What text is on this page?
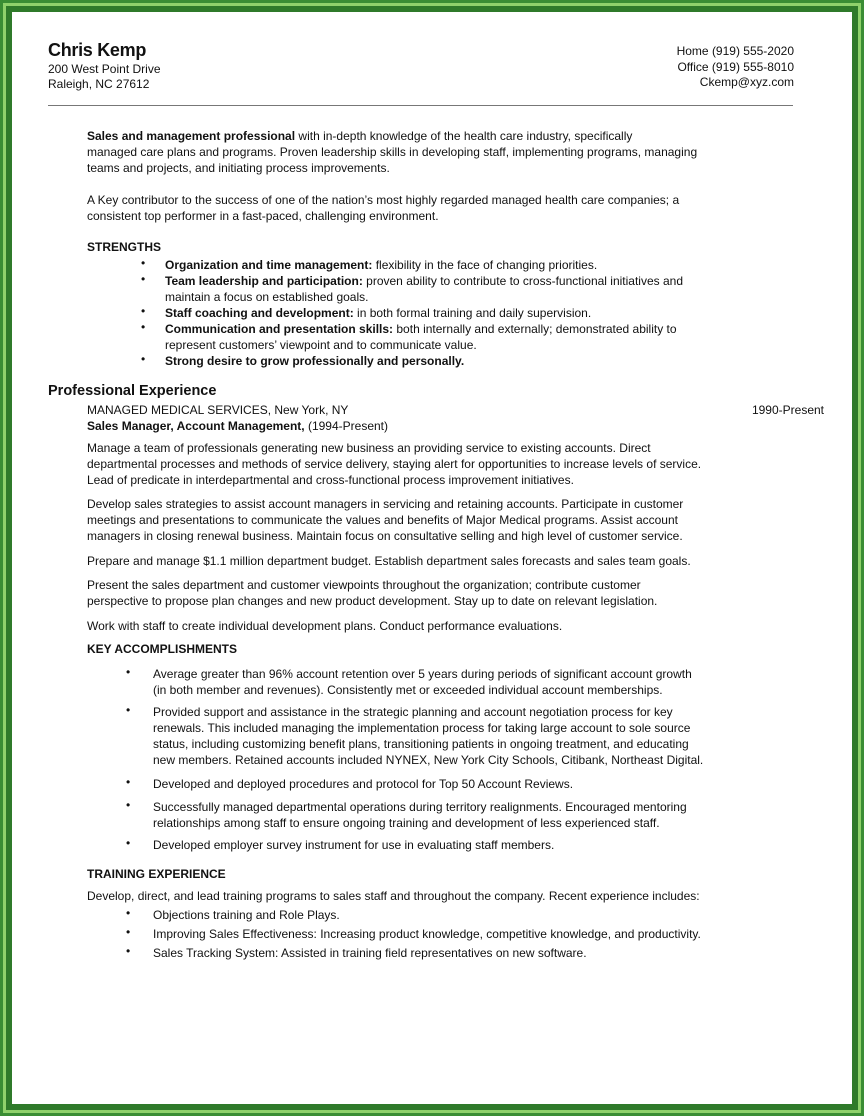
Chris Kemp
200 West Point Drive
Raleigh, NC 27612
Home (919) 555-2020
Office (919) 555-8010
Ckemp@xyz.com
Sales and management professional with in-depth knowledge of the health care industry, specifically
managed care plans and programs. Proven leadership skills in developing staff, implementing programs, managing
teams and projects, and initiating process improvements.
A Key contributor to the success of one of the nation’s most highly regarded managed health care companies; a
consistent top performer in a fast-paced, challenging environment.
STRENGTHS
• Organization and time management: flexibility in the face of changing priorities.
• Team leadership and participation: proven ability to contribute to cross-functional initiatives and
maintain a focus on established goals.
• Staff coaching and development: in both formal training and daily supervision.
• Communication and presentation skills: both internally and externally; demonstrated ability to
represent customers’ viewpoint and to communicate value.
• Strong desire to grow professionally and personally.
Professional Experience
MANAGED MEDICAL SERVICES, New York, NY	1990-Present
Sales Manager, Account Management, (1994-Present)
Manage a team of professionals generating new business an providing service to existing accounts. Direct
departmental processes and methods of service delivery, staying alert for opportunities to increase levels of service.
Lead of predicate in interdepartmental and cross-functional process improvement initiatives.
Develop sales strategies to assist account managers in servicing and retaining accounts. Participate in customer
meetings and presentations to communicate the values and benefits of Major Medical programs. Assist account
managers in closing renewal business. Maintain focus on consultative selling and high level of customer service.
Prepare and manage $1.1 million department budget. Establish department sales forecasts and sales team goals.
Present the sales department and customer viewpoints throughout the organization; contribute customer
perspective to propose plan changes and new product development. Stay up to date on relevant legislation.
Work with staff to create individual development plans. Conduct performance evaluations.
KEY ACCOMPLISHMENTS
• Average greater than 96% account retention over 5 years during periods of significant account growth
(in both member and revenues). Consistently met or exceeded individual account memberships.
• Provided support and assistance in the strategic planning and account negotiation process for key
renewals. This included managing the implementation process for taking large account to sole source
status, including customizing benefit plans, transitioning patients in ongoing treatment, and educating
new members. Retained accounts included NYNEX, New York City Schools, Citibank, Northeast Digital.
• Developed and deployed procedures and protocol for Top 50 Account Reviews.
• Successfully managed departmental operations during territory realignments. Encouraged mentoring
relationships among staff to ensure ongoing training and development of less experienced staff.
• Developed employer survey instrument for use in evaluating staff members.
TRAINING EXPERIENCE
Develop, direct, and lead training programs to sales staff and throughout the company. Recent experience includes:
• Objections training and Role Plays.
• Improving Sales Effectiveness: Increasing product knowledge, competitive knowledge, and productivity.
• Sales Tracking System: Assisted in training field representatives on new software.
